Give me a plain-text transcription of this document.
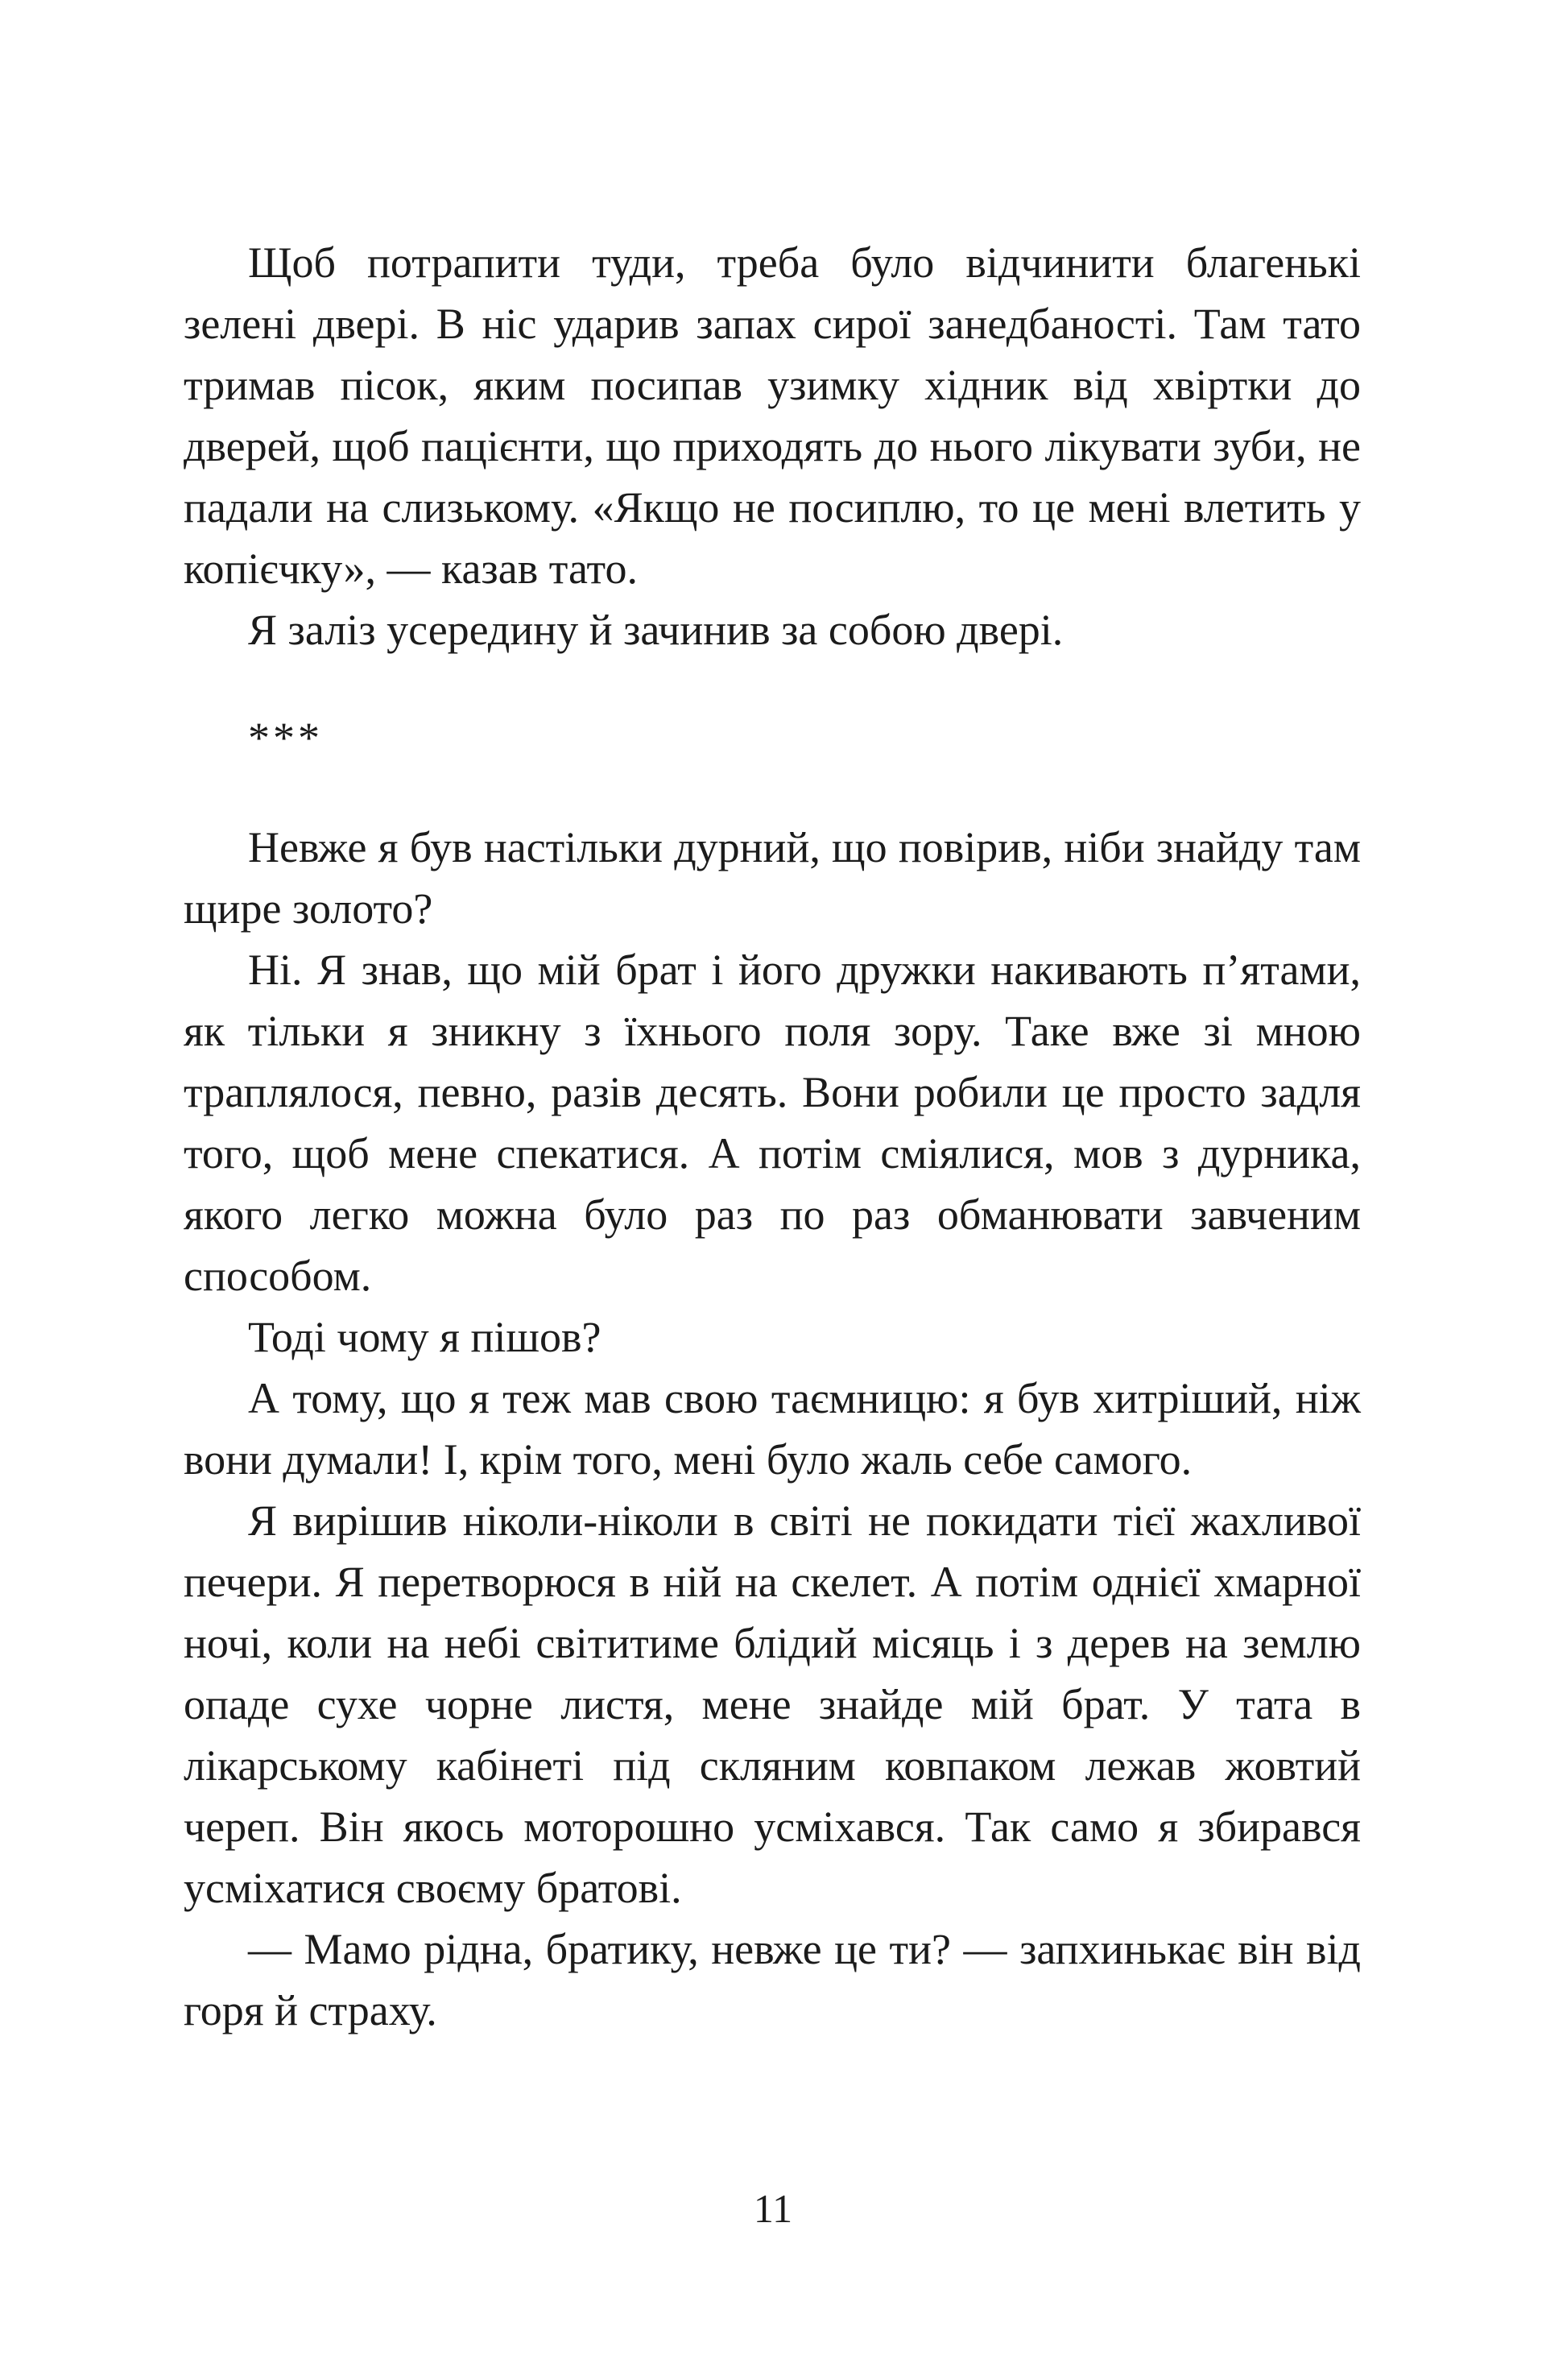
Щоб потрапити туди, треба було відчинити благенькі зелені двері. В ніс ударив запах сирої занедбаності. Там тато тримав пісок, яким посипав узимку хідник від хвіртки до дверей, щоб пацієнти, що приходять до нього лікувати зуби, не падали на слизькому. «Якщо не посиплю, то це мені влетить у копієчку», — казав тато.

Я заліз усередину й зачинив за собою двері.

***

Невже я був настільки дурний, що повірив, ніби знайду там щире золото?

Ні. Я знав, що мій брат і його дружки накивають п’ятами, як тільки я зникну з їхнього поля зору. Таке вже зі мною траплялося, певно, разів десять. Вони робили це просто задля того, щоб мене спекатися. А потім сміялися, мов з дурника, якого легко можна було раз по раз обманювати завченим способом.

Тоді чому я пішов?

А тому, що я теж мав свою таємницю: я був хитріший, ніж вони думали! І, крім того, мені було жаль себе самого.

Я вирішив ніколи-ніколи в світі не покидати тієї жахливої печери. Я перетворюся в ній на скелет. А потім однієї хмарної ночі, коли на небі світитиме блідий місяць і з дерев на землю опаде сухе чорне листя, мене знайде мій брат. У тата в лікарському кабінеті під скляним ковпаком лежав жовтий череп. Він якось моторошно усміхався. Так само я збирався усміхатися своєму братові.

— Мамо рідна, братику, невже це ти? — запхинькає він від горя й страху.

11
